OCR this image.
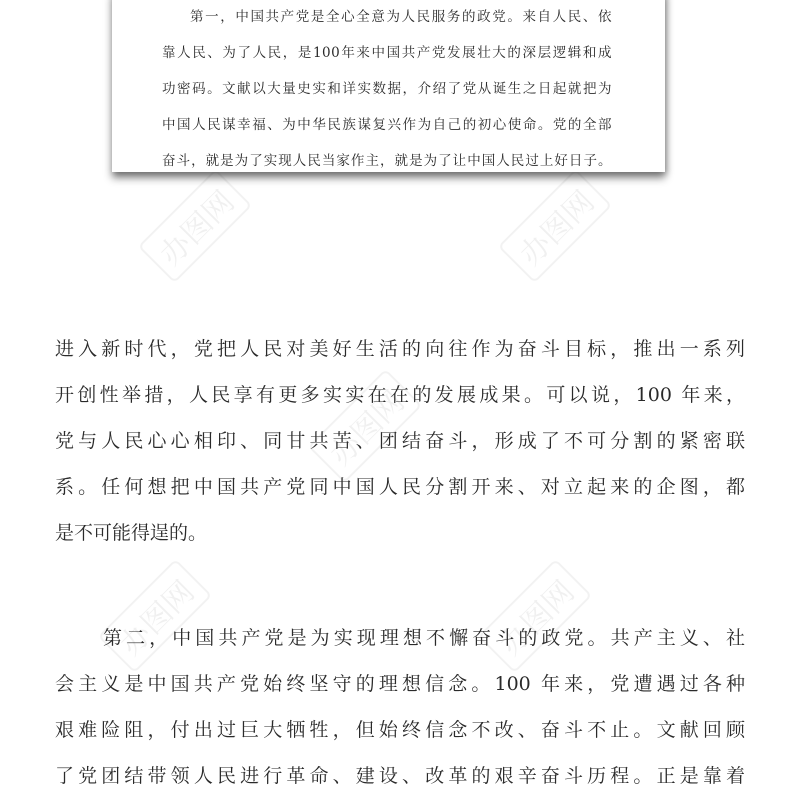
办图网	办图网
办图网
办图网	办图网
第一，中国共产党是全心全意为人民服务的政党。来自人民、依
靠人民、为了人民，是100年来中国共产党发展壮大的深层逻辑和成
功密码。文献以大量史实和详实数据，介绍了党从诞生之日起就把为
中国人民谋幸福、为中华民族谋复兴作为自己的初心使命。党的全部
奋斗，就是为了实现人民当家作主，就是为了让中国人民过上好日子。
进入新时代，党把人民对美好生活的向往作为奋斗目标，推出一系列
开创性举措，人民享有更多实实在在的发展成果。可以说，100 年来，
党与人民心心相印、同甘共苦、团结奋斗，形成了不可分割的紧密联
系。任何想把中国共产党同中国人民分割开来、对立起来的企图，都
是不可能得逞的。
第二，中国共产党是为实现理想不懈奋斗的政党。共产主义、社
会主义是中国共产党始终坚守的理想信念。100 年来，党遭遇过各种
艰难险阻，付出过巨大牺牲，但始终信念不改、奋斗不止。文献回顾
了党团结带领人民进行革命、建设、改革的艰辛奋斗历程。正是靠着
